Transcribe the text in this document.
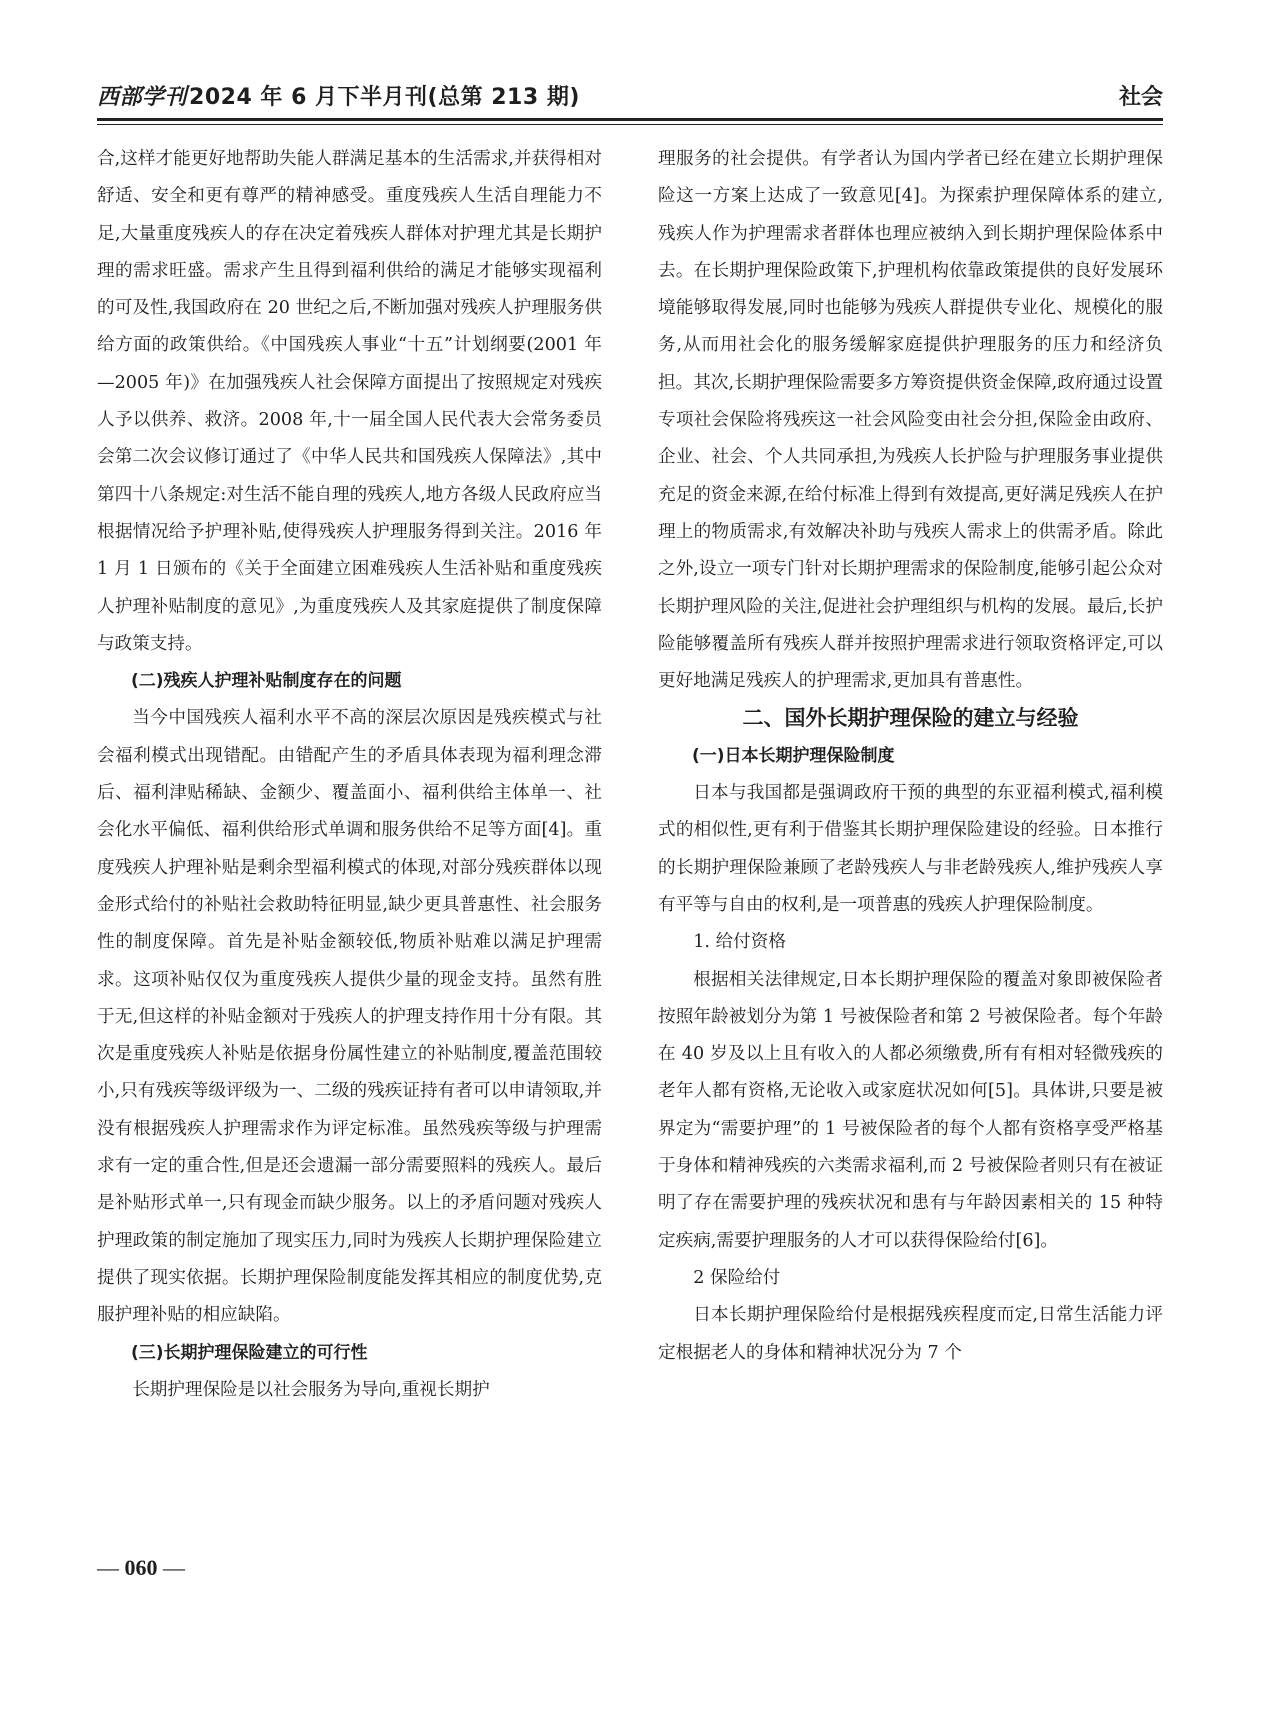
西部学刊2024 年 6 月下半月刊(总第 213 期)	社会

合,这样才能更好地帮助失能人群满足基本的生活需求,并获得相对舒适、安全和更有尊严的精神感受。重度残疾人生活自理能力不足,大量重度残疾人的存在决定着残疾人群体对护理尤其是长期护理的需求旺盛。需求产生且得到福利供给的满足才能够实现福利的可及性,我国政府在 20 世纪之后,不断加强对残疾人护理服务供给方面的政策供给。《中国残疾人事业“十五”计划纲要(2001 年—2005 年)》在加强残疾人社会保障方面提出了按照规定对残疾人予以供养、救济。2008 年,十一届全国人民代表大会常务委员会第二次会议修订通过了《中华人民共和国残疾人保障法》,其中第四十八条规定:对生活不能自理的残疾人,地方各级人民政府应当根据情况给予护理补贴,使得残疾人护理服务得到关注。2016 年 1 月 1 日颁布的《关于全面建立困难残疾人生活补贴和重度残疾人护理补贴制度的意见》,为重度残疾人及其家庭提供了制度保障与政策支持。

(二)残疾人护理补贴制度存在的问题

当今中国残疾人福利水平不高的深层次原因是残疾模式与社会福利模式出现错配。由错配产生的矛盾具体表现为福利理念滞后、福利津贴稀缺、金额少、覆盖面小、福利供给主体单一、社会化水平偏低、福利供给形式单调和服务供给不足等方面[4]。重度残疾人护理补贴是剩余型福利模式的体现,对部分残疾群体以现金形式给付的补贴社会救助特征明显,缺少更具普惠性、社会服务性的制度保障。首先是补贴金额较低,物质补贴难以满足护理需求。这项补贴仅仅为重度残疾人提供少量的现金支持。虽然有胜于无,但这样的补贴金额对于残疾人的护理支持作用十分有限。其次是重度残疾人补贴是依据身份属性建立的补贴制度,覆盖范围较小,只有残疾等级评级为一、二级的残疾证持有者可以申请领取,并没有根据残疾人护理需求作为评定标准。虽然残疾等级与护理需求有一定的重合性,但是还会遗漏一部分需要照料的残疾人。最后是补贴形式单一,只有现金而缺少服务。以上的矛盾问题对残疾人护理政策的制定施加了现实压力,同时为残疾人长期护理保险建立提供了现实依据。长期护理保险制度能发挥其相应的制度优势,克服护理补贴的相应缺陷。

(三)长期护理保险建立的可行性

长期护理保险是以社会服务为导向,重视长期护

理服务的社会提供。有学者认为国内学者已经在建立长期护理保险这一方案上达成了一致意见[4]。为探索护理保障体系的建立,残疾人作为护理需求者群体也理应被纳入到长期护理保险体系中去。在长期护理保险政策下,护理机构依靠政策提供的良好发展环境能够取得发展,同时也能够为残疾人群提供专业化、规模化的服务,从而用社会化的服务缓解家庭提供护理服务的压力和经济负担。其次,长期护理保险需要多方筹资提供资金保障,政府通过设置专项社会保险将残疾这一社会风险变由社会分担,保险金由政府、企业、社会、个人共同承担,为残疾人长护险与护理服务事业提供充足的资金来源,在给付标准上得到有效提高,更好满足残疾人在护理上的物质需求,有效解决补助与残疾人需求上的供需矛盾。除此之外,设立一项专门针对长期护理需求的保险制度,能够引起公众对长期护理风险的关注,促进社会护理组织与机构的发展。最后,长护险能够覆盖所有残疾人群并按照护理需求进行领取资格评定,可以更好地满足残疾人的护理需求,更加具有普惠性。

二、国外长期护理保险的建立与经验
(一)日本长期护理保险制度

日本与我国都是强调政府干预的典型的东亚福利模式,福利模式的相似性,更有利于借鉴其长期护理保险建设的经验。日本推行的长期护理保险兼顾了老龄残疾人与非老龄残疾人,维护残疾人享有平等与自由的权利,是一项普惠的残疾人护理保险制度。

1. 给付资格

根据相关法律规定,日本长期护理保险的覆盖对象即被保险者按照年龄被划分为第 1 号被保险者和第 2 号被保险者。每个年龄在 40 岁及以上且有收入的人都必须缴费,所有有相对轻微残疾的老年人都有资格,无论收入或家庭状况如何[5]。具体讲,只要是被界定为“需要护理”的 1 号被保险者的每个人都有资格享受严格基于身体和精神残疾的六类需求福利,而 2 号被保险者则只有在被证明了存在需要护理的残疾状况和患有与年龄因素相关的 15 种特定疾病,需要护理服务的人才可以获得保险给付[6]。

2 保险给付

日本长期护理保险给付是根据残疾程度而定,日常生活能力评定根据老人的身体和精神状况分为 7 个

— 060 —
